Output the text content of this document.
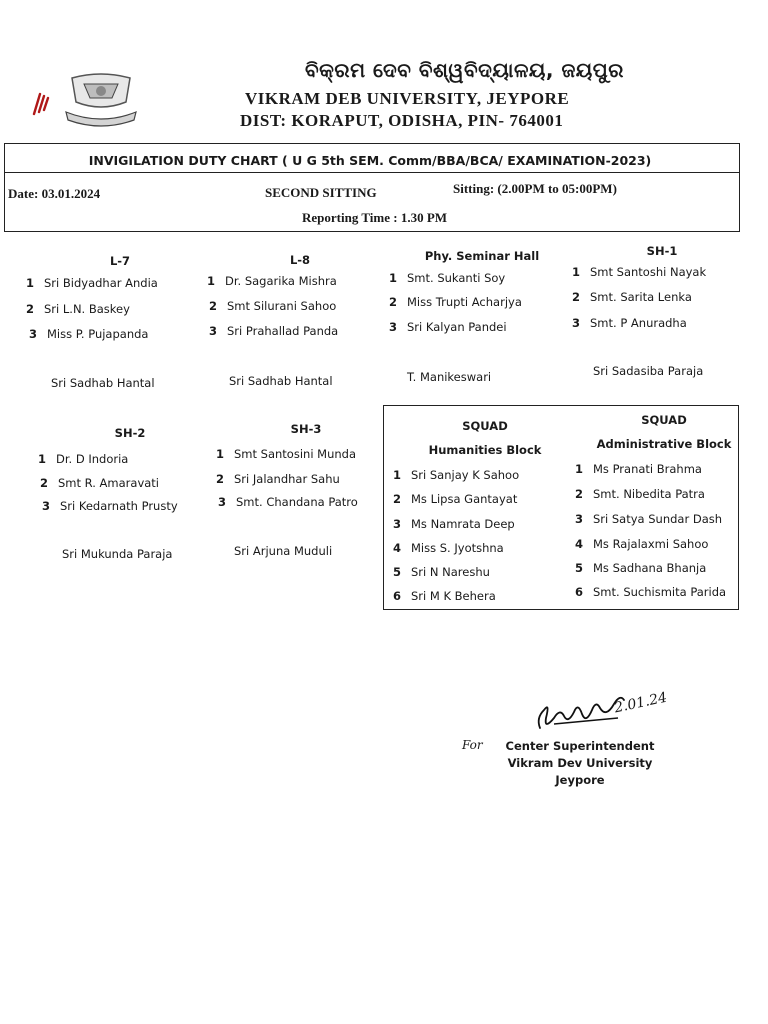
ବିକ୍ରମ ଦେବ ବିଶ୍ୱବିଦ୍ୟାଳୟ, ଜୟପୁର
VIKRAM DEB UNIVERSITY, JEYPORE
DIST: KORAPUT, ODISHA, PIN- 764001
INVIGILATION DUTY CHART ( U G 5th SEM. Comm/BBA/BCA/ EXAMINATION-2023)
Date: 03.01.2024	SECOND SITTING	Sitting: (2.00PM to 05:00PM)
Reporting Time : 1.30 PM
L-7
1 Sri Bidyadhar Andia
2 Sri L.N. Baskey
3 Miss P. Pujapanda
Sri Sadhab Hantal
L-8
1 Dr. Sagarika Mishra
2 Smt Silurani Sahoo
3 Sri Prahallad Panda
Sri Sadhab Hantal
Phy. Seminar Hall
1 Smt. Sukanti Soy
2 Miss Trupti Acharjya
3 Sri Kalyan Pandei
T. Manikeswari
SH-1
1 Smt Santoshi Nayak
2 Smt. Sarita Lenka
3 Smt. P Anuradha
Sri Sadasiba Paraja
SH-2
1 Dr. D Indoria
2 Smt R. Amaravati
3 Sri Kedarnath Prusty
Sri Mukunda Paraja
SH-3
1 Smt Santosini Munda
2 Sri Jalandhar Sahu
3 Smt. Chandana Patro
Sri Arjuna Muduli
SQUAD
Humanities Block
1 Sri Sanjay K Sahoo
2 Ms Lipsa Gantayat
3 Ms Namrata Deep
4 Miss S. Jyotshna
5 Sri N Nareshu
6 Sri M K Behera
SQUAD
Administrative Block
1 Ms Pranati Brahma
2 Smt. Nibedita Patra
3 Sri Satya Sundar Dash
4 Ms Rajalaxmi Sahoo
5 Ms Sadhana Bhanja
6 Smt. Suchismita Parida
2.01.24
For	Center Superintendent
Vikram Dev University
Jeypore
